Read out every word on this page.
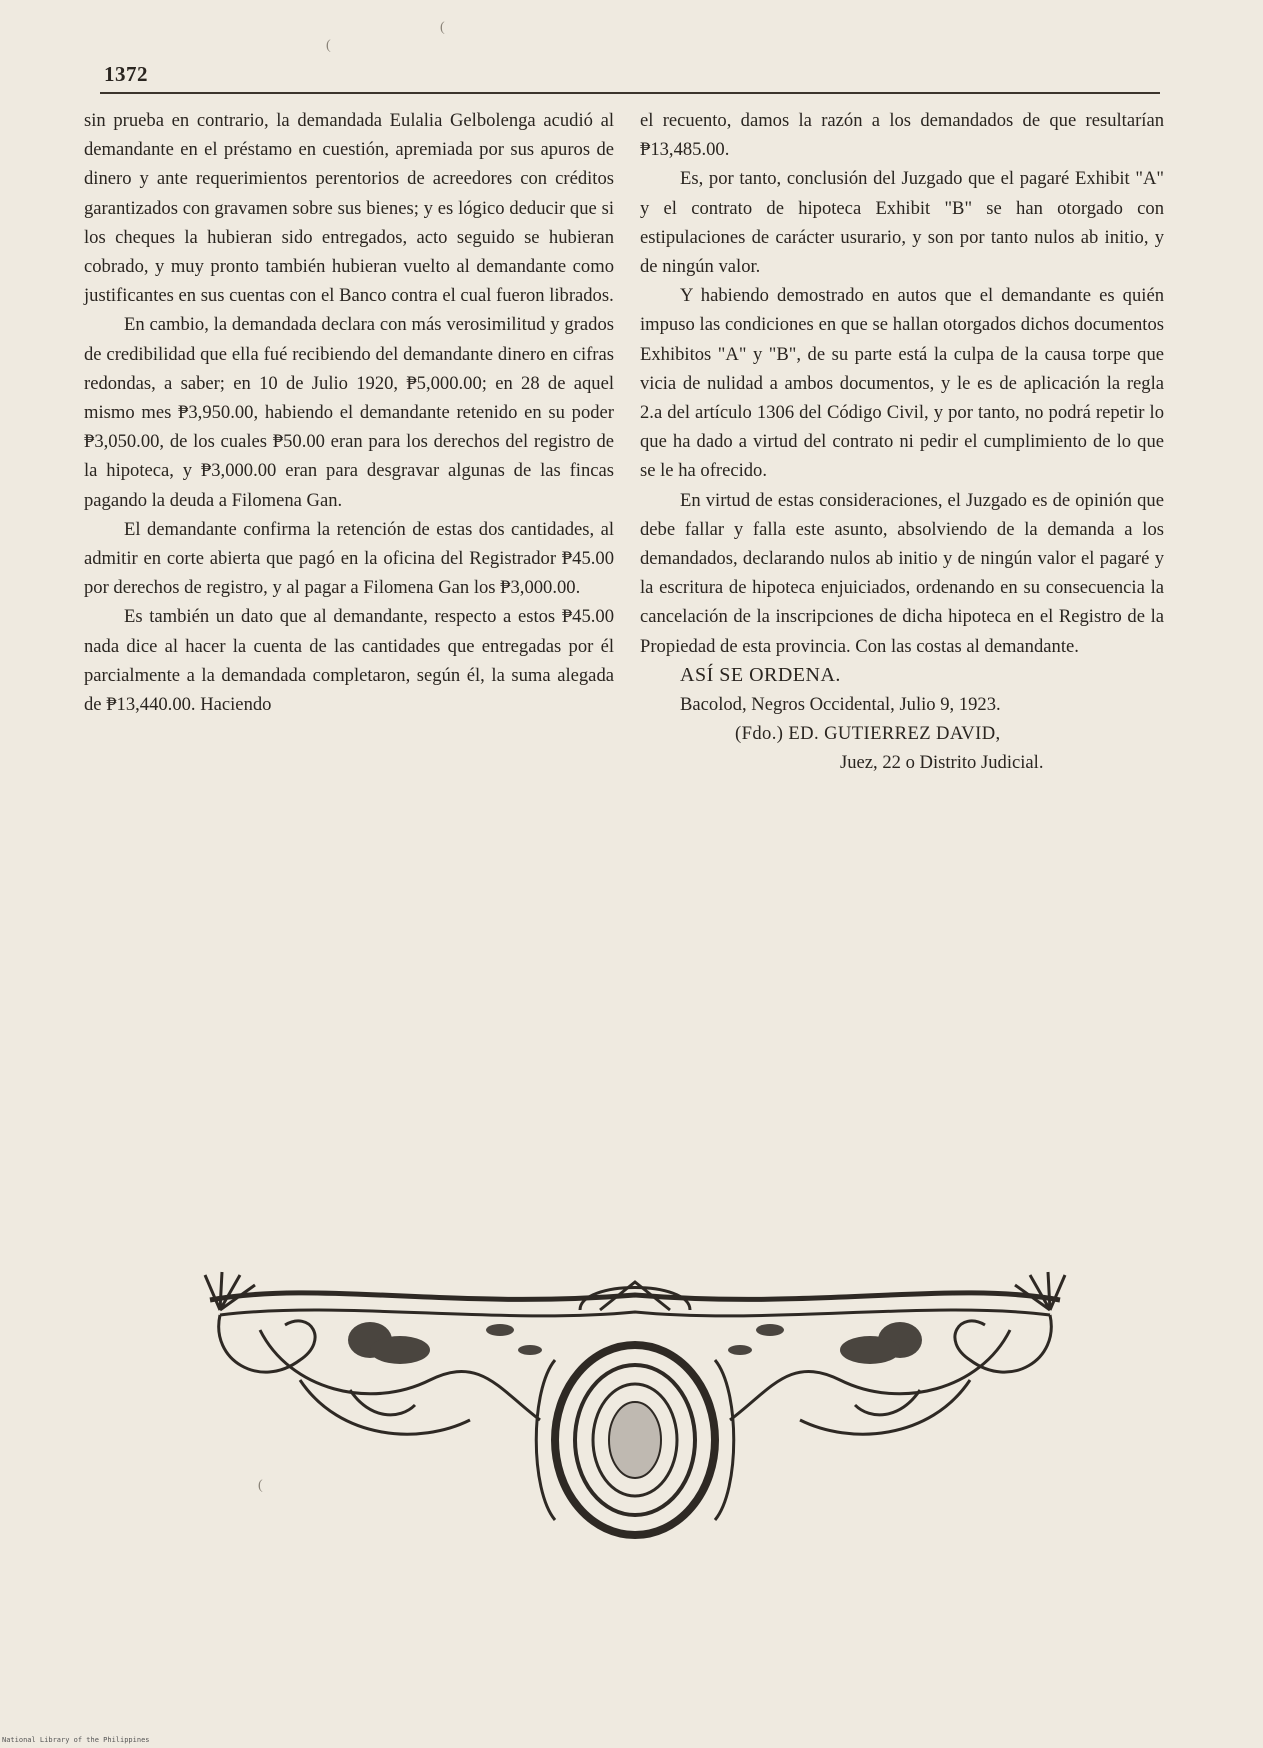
1372
(
(
(

sin prueba en contrario, la demandada Eulalia Gelbolenga acudió al demandante en el préstamo en cuestión, apremiada por sus apuros de dinero y ante requerimientos perentorios de acreedores con créditos garantizados con gravamen sobre sus bienes; y es lógico deducir que si los cheques la hubieran sido entregados, acto seguido se hubieran cobrado, y muy pronto también hubieran vuelto al demandante como justificantes en sus cuentas con el Banco contra el cual fueron librados.

En cambio, la demandada declara con más verosimilitud y grados de credibilidad que ella fué recibiendo del demandante dinero en cifras redondas, a saber; en 10 de Julio 1920, ₱5,000.00; en 28 de aquel mismo mes ₱3,950.00, habiendo el demandante retenido en su poder ₱3,050.00, de los cuales ₱50.00 eran para los derechos del registro de la hipoteca, y ₱3,000.00 eran para desgravar algunas de las fincas pagando la deuda a Filomena Gan.

El demandante confirma la retención de estas dos cantidades, al admitir en corte abierta que pagó en la oficina del Registrador ₱45.00 por derechos de registro, y al pagar a Filomena Gan los ₱3,000.00.

Es también un dato que al demandante, respecto a estos ₱45.00 nada dice al hacer la cuenta de las cantidades que entregadas por él parcialmente a la demandada completaron, según él, la suma alegada de ₱13,440.00. Haciendo

el recuento, damos la razón a los demandados de que resultarían ₱13,485.00.

Es, por tanto, conclusión del Juzgado que el pagaré Exhibit "A" y el contrato de hipoteca Exhibit "B" se han otorgado con estipulaciones de carácter usurario, y son por tanto nulos ab initio, y de ningún valor.

Y habiendo demostrado en autos que el demandante es quién impuso las condiciones en que se hallan otorgados dichos documentos Exhibitos "A" y "B", de su parte está la culpa de la causa torpe que vicia de nulidad a ambos documentos, y le es de aplicación la regla 2.a del artículo 1306 del Código Civil, y por tanto, no podrá repetir lo que ha dado a virtud del contrato ni pedir el cumplimiento de lo que se le ha ofrecido.

En virtud de estas consideraciones, el Juzgado es de opinión que debe fallar y falla este asunto, absolviendo de la demanda a los demandados, declarando nulos ab initio y de ningún valor el pagaré y la escritura de hipoteca enjuiciados, ordenando en su consecuencia la cancelación de la inscripciones de dicha hipoteca en el Registro de la Propiedad de esta provincia. Con las costas al demandante.

ASÍ SE ORDENA.

Bacolod, Negros Occidental, Julio 9, 1923.

(Fdo.) ED. GUTIERREZ DAVID,

Juez, 22 o Distrito Judicial.

National Library of the Philippines
